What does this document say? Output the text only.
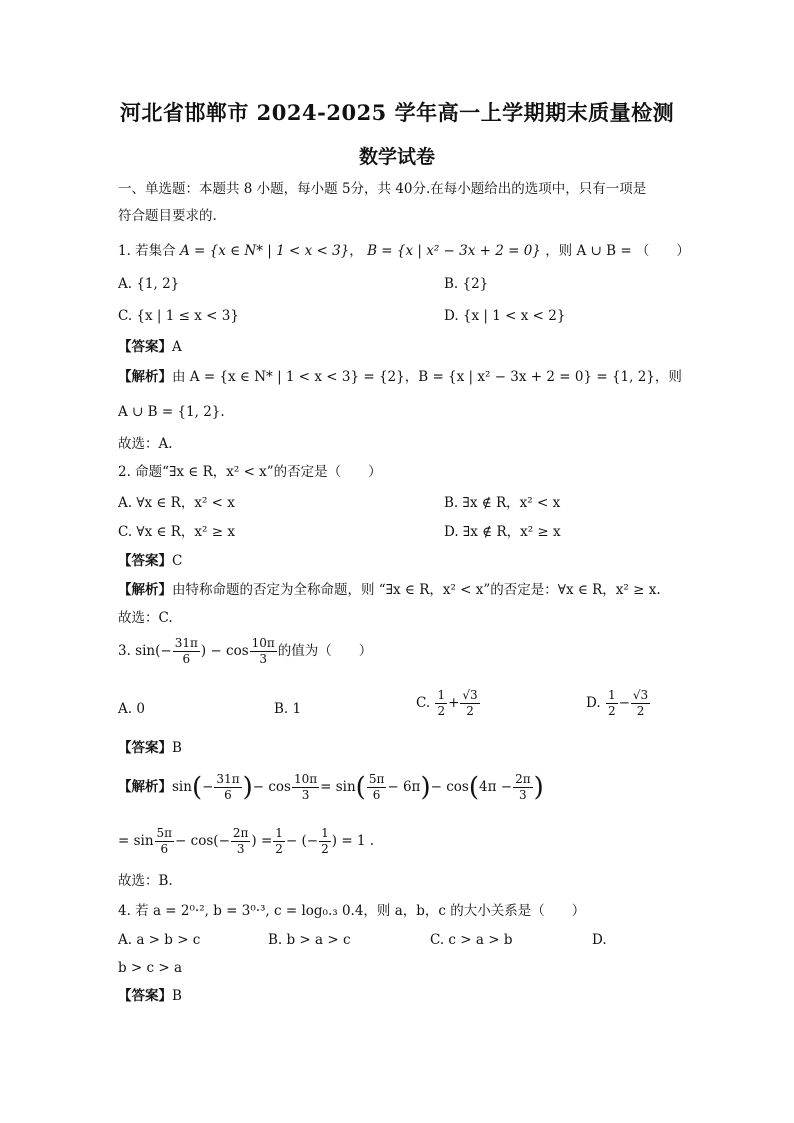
河北省邯郸市 2024-2025 学年高一上学期期末质量检测
数学试卷
一、单选题：本题共 8 小题，每小题 5分，共 40分.在每小题给出的选项中，只有一项是
符合题目要求的.
1. 若集合 A = {x ∈ N* | 1 < x < 3}， B = {x | x² − 3x + 2 = 0} ，则 A ∪ B = （　　）
A. {1, 2}	B. {2}
C. {x | 1 ≤ x < 3}	D. {x | 1 < x < 2}
【答案】A
【解析】由 A = {x ∈ N* | 1 < x < 3} = {2}，B = {x | x² − 3x + 2 = 0} = {1, 2}，则
A ∪ B = {1, 2}.
故选：A.
2. 命题“∃x ∈ R，x² < x”的否定是（　　）
A. ∀x ∈ R，x² < x	B. ∃x ∉ R，x² < x
C. ∀x ∈ R，x² ≥ x	D. ∃x ∉ R，x² ≥ x
【答案】C
【解析】由特称命题的否定为全称命题，则 “∃x ∈ R，x² < x”的否定是：∀x ∈ R，x² ≥ x.
故选：C.
3. $\sin(- \frac{31\pi}{6}$ ) − $\cos \frac{10\pi}{3}$ 的值为（　　）
A. 0	B. 1	C. $\frac{1}{2} + \frac{√3}{2}$	D. $\frac{1}{2} - \frac{√3}{2}$
【答案】B
【解析】$\sin(- \frac{31\pi}{6}$ )− $\cos \frac{10\pi}{3} = \sin( \frac{5\pi}{6} - 6\pi)- \cos(4\pi - \frac{2\pi}{3}$ )
= $\sin \frac{5\pi}{6} - \cos(- \frac{2\pi}{3}$ ) = $\frac{1}{2}$ − (− $\frac{1}{2}$ ) = 1 .
故选：B.
4. 若 a = 2⁰·², b = 3⁰·³, c = log₀.₃ 0.4，则 a，b，c 的大小关系是（　　）
A. a > b > c	B. b > a > c	C. c > a > b	D.
b > c > a
【答案】B
